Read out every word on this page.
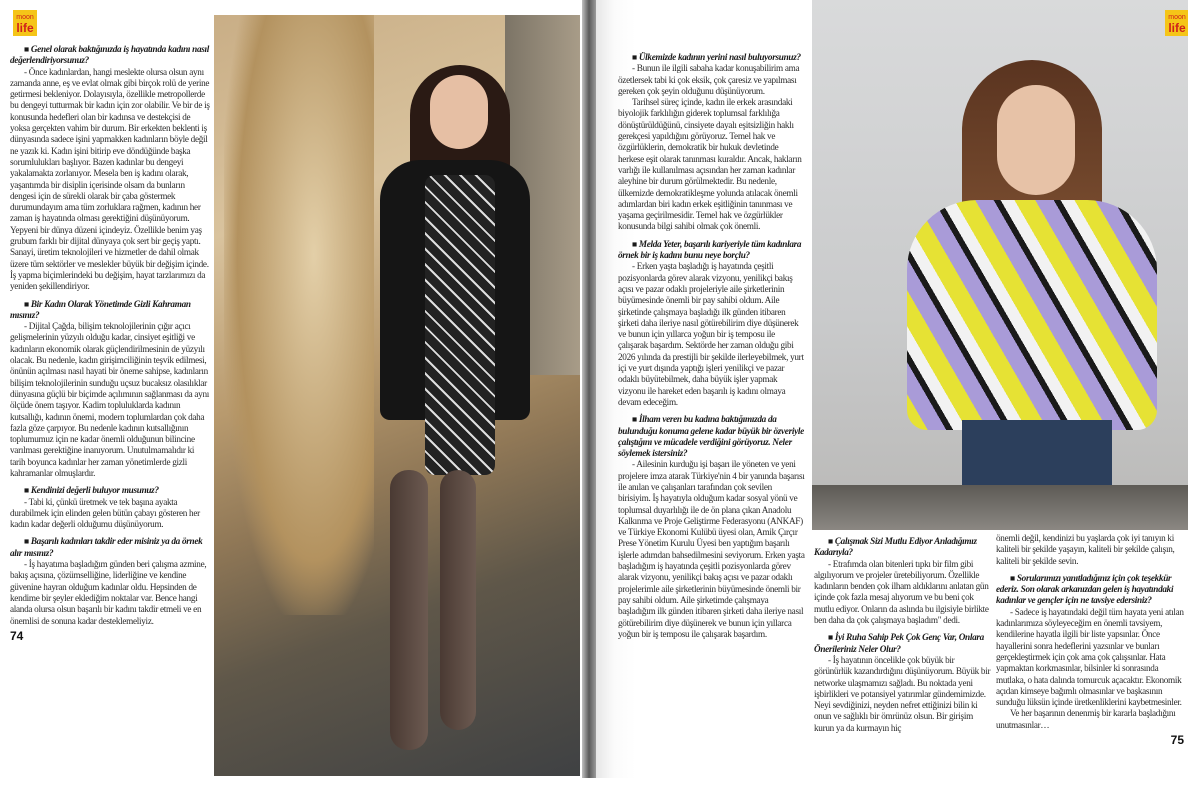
moon
life

■ Genel olarak baktığınızda iş hayatında kadını nasıl değerlendiriyorsunuz?

- Önce kadınlardan, hangi meslekte olursa olsun aynı zamanda anne, eş ve evlat olmak gibi birçok rolü de yerine getirmesi bekleniyor. Dolayısıyla, özellikle metropollerde bu dengeyi tutturmak bir kadın için zor olabilir. Ve bir de iş konusunda hedefleri olan bir kadınsa ve destekçisi de yoksa gerçekten vahim bir durum. Bir erkekten beklenti iş dünyasında sadece işini yapmakken kadınların böyle değil ne yazık ki. Kadın işini bitirip eve döndüğünde başka sorumlulukları başlıyor. Bazen kadınlar bu dengeyi yakalamakta zorlanıyor. Mesela ben iş kadını olarak, yaşantımda bir disiplin içerisinde olsam da bunların dengesi için de sürekli olarak bir çaba göstermek durumundayım ama tüm zorluklara rağmen, kadının her zaman iş hayatında olması gerektiğini düşünüyorum. Yepyeni bir dünya düzeni içindeyiz. Özellikle benim yaş grubum farklı bir dijital dünyaya çok sert bir geçiş yaptı. Sanayi, üretim teknolojileri ve hizmetler de dahil olmak üzere tüm sektörler ve meslekler büyük bir değişim içinde. İş yapma biçimlerindeki bu değişim, hayat tarzlarımızı da yeniden şekillendiriyor.

■ Bir Kadın Olarak Yönetimde Gizli Kahraman mısınız?

- Dijital Çağda, bilişim teknolojilerinin çığır açıcı gelişmelerinin yüzyılı olduğu kadar, cinsiyet eşitliği ve kadınların ekonomik olarak güçlendirilmesinin de yüzyılı olacak. Bu nedenle, kadın girişimciliğinin teşvik edilmesi, önünün açılması nasıl hayati bir öneme sahipse, kadınların bilişim teknolojilerinin sunduğu uçsuz bucaksız olasılıklar dünyasına güçlü bir biçimde açılımının sağlanması da aynı ölçüde önem taşıyor. Kadim topluluklarda kadının kutsallığı, kadının önemi, modern toplumlardan çok daha fazla göze çarpıyor. Bu nedenle kadının kutsallığının toplumumuz için ne kadar önemli olduğunun bilincine varılması gerektiğine inanıyorum. Unutulmamalıdır ki tarih boyunca kadınlar her zaman yönetimlerde gizli kahramanlar olmuşlardır.

■ Kendinizi değerli buluyor musunuz?

- Tabi ki, çünkü üretmek ve tek başına ayakta durabilmek için elinden gelen bütün çabayı gösteren her kadın kadar değerli olduğumu düşünüyorum.

■ Başarılı kadınları takdir eder misiniz ya da örnek alır mısınız?

- İş hayatıma başladığım günden beri çalışma azmine, bakış açısına, çözümselliğine, liderliğine ve kendine güvenine hayran olduğum kadınlar oldu. Hepsinden de kendime bir şeyler eklediğim noktalar var. Bence hangi alanda olursa olsun başarılı bir kadını takdir etmeli ve en önemlisi de sonuna kadar desteklemeliyiz.

74

■ Ülkemizde kadının yerini nasıl buluyorsunuz?

- Bunun ile ilgili sabaha kadar konuşabilirim ama özetlersek tabi ki çok eksik, çok çaresiz ve yapılması gereken çok şeyin olduğunu düşünüyorum.

Tarihsel süreç içinde, kadın ile erkek arasındaki biyolojik farklılığın giderek toplumsal farklılığa dönüştürüldüğünü, cinsiyete dayalı eşitsizliğin haklı gerekçesi yapıldığını görüyoruz. Temel hak ve özgürlüklerin, demokratik bir hukuk devletinde herkese eşit olarak tanınması kuraldır. Ancak, hakların varlığı ile kullanılması açısından her zaman kadınlar aleyhine bir durum görülmektedir. Bu nedenle, ülkemizde demokratikleşme yolunda atılacak önemli adımlardan biri kadın erkek eşitliğinin tanınması ve yaşama geçirilmesidir. Temel hak ve özgürlükler konusunda bilgi sahibi olmak çok önemli.

■ Melda Yeter, başarılı kariyeriyle tüm kadınlara örnek bir iş kadını bunu neye borçlu?

- Erken yaşta başladığı iş hayatında çeşitli pozisyonlarda görev alarak vizyonu, yenilikçi bakış açısı ve pazar odaklı projeleriyle aile şirketlerinin büyümesinde önemli bir pay sahibi oldum. Aile şirketinde çalışmaya başladığı ilk günden itibaren şirketi daha ileriye nasıl götürebilirim diye düşünerek ve bunun için yıllarca yoğun bir iş temposu ile çalışarak başardım. Sektörde her zaman olduğu gibi 2026 yılında da prestijli bir şekilde ilerleyebilmek, yurt içi ve yurt dışında yaptığı işleri yenilikçi ve pazar odaklı büyütebilmek, daha büyük işler yapmak vizyonu ile hareket eden başarılı iş kadını olmaya devam edeceğim.

■ İlham veren bu kadına baktığımızda da bulunduğu konuma gelene kadar büyük bir özveriyle çalıştığını ve mücadele verdiğini görüyoruz. Neler söylemek istersiniz?

- Ailesinin kurduğu işi başarı ile yöneten ve yeni projelere imza atarak Türkiye'nin 4 bir yanında başarısı ile anılan ve çalışanları tarafından çok sevilen birisiyim. İş hayatıyla olduğum kadar sosyal yönü ve toplumsal duyarlılığı ile de ön plana çıkan Anadolu Kalkınma ve Proje Geliştirme Federasyonu (ANKAF) ve Türkiye Ekonomi Kulübü üyesi olan, Amik Çırçır Prese Yönetim Kurulu Üyesi ben yaptığım başarılı işlerle adımdan bahsedilmesini seviyorum. Erken yaşta başladığım iş hayatında çeşitli pozisyonlarda görev alarak vizyonu, yenilikçi bakış açısı ve pazar odaklı projelerimle aile şirketlerinin büyümesinde önemli bir pay sahibi oldum. Aile şirketimde çalışmaya başladığım ilk günden itibaren şirketi daha ileriye nasıl götürebilirim diye düşünerek ve bunun için yıllarca yoğun bir iş temposu ile çalışarak başardım.

moon
life

■ Çalışmak Sizi Mutlu Ediyor Anladığımız Kadarıyla?

- Etrafımda olan bitenleri tıpkı bir film gibi algılıyorum ve projeler üretebiliyorum. Özellikle kadınların benden çok ilham aldıklarını anlatan gün içinde çok fazla mesaj alıyorum ve bu beni çok mutlu ediyor. Onların da aslında bu ilgisiyle birlikte ben daha da çok çalışmaya başladım" dedi.

■ İyi Ruha Sahip Pek Çok Genç Var, Onlara Önerileriniz Neler Olur?

- İş hayatının öncelikle çok büyük bir görünürlük kazandırdığını düşünüyorum. Büyük bir networke ulaşmamızı sağladı. Bu noktada yeni işbirlikleri ve potansiyel yatırımlar gündemimizde. Neyi sevdiğinizi, neyden nefret ettiğinizi bilin ki onun ve sağlıklı bir ömrünüz olsun. Bir girişim kurun ya da kurmayın hiç

önemli değil, kendinizi bu yaşlarda çok iyi tanıyın ki kaliteli bir şekilde yaşayın, kaliteli bir şekilde çalışın, kaliteli bir şekilde sevin.

■ Sorularımızı yanıtladığınız için çok teşekkür ederiz. Son olarak arkanızdan gelen iş hayatındaki kadınlar ve gençler için ne tavsiye edersiniz?

- Sadece iş hayatındaki değil tüm hayata yeni atılan kadınlarımıza söyleyeceğim en önemli tavsiyem, kendilerine hayatla ilgili bir liste yapsınlar. Önce hayallerini sonra hedeflerini yazsınlar ve bunları gerçekleştirmek için çok ama çok çalışsınlar. Hata yapmaktan korkmasınlar, bilsinler ki sonrasında mutlaka, o hata dalında tomurcuk açacaktır. Ekonomik açıdan kimseye bağımlı olmasınlar ve başkasının sunduğu lüksün içinde üretkenliklerini kaybetmesinler.

Ve her başarının denenmiş bir kararla başladığını unutmasınlar…

75
